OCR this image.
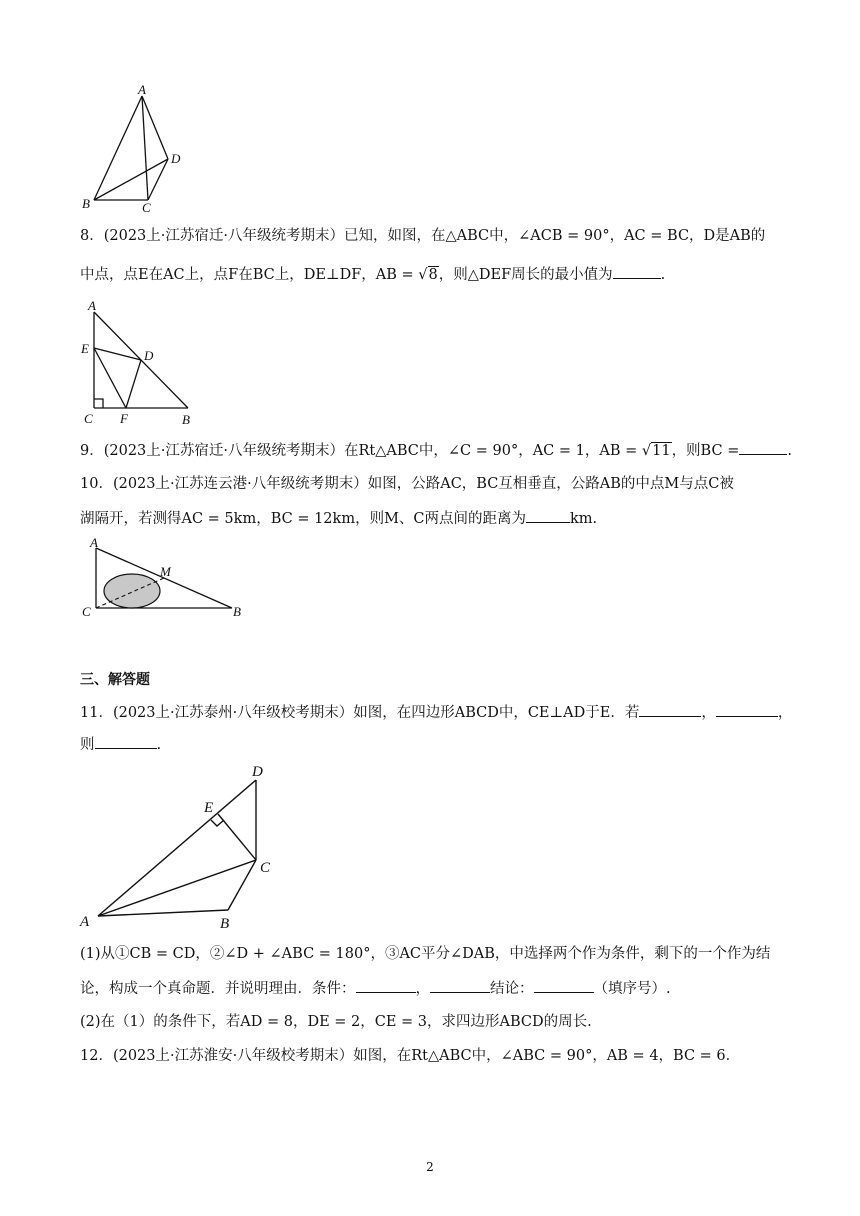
A
B	C
D
8．(2023上·江苏宿迁·八年级统考期末）已知，如图，在△ABC中，∠ACB = 90°，AC = BC，D是AB的
中点，点E在AC上，点F在BC上，DE⊥DF，AB = √8，则△DEF周长的最小值为	.
A
E	D
C F	B
9．(2023上·江苏宿迁·八年级统考期末）在Rt△ABC中，∠C = 90°，AC = 1，AB = √11，则BC =	.
10．(2023上·江苏连云港·八年级统考期末）如图，公路AC，BC互相垂直，公路AB的中点M与点C被
湖隔开，若测得AC = 5km，BC = 12km，则M、C两点间的距离为	km.
A
M
C	B
三、解答题
11．(2023上·江苏泰州·八年级校考期末）如图，在四边形ABCD中，CE⊥AD于E．若	，	，
则	.
D
E
C
A	B
(1)从①CB = CD，②∠D + ∠ABC = 180°，③AC平分∠DAB，中选择两个作为条件，剩下的一个作为结
论，构成一个真命题．并说明理由．条件：	，	结论：	（填序号）.
(2)在（1）的条件下，若AD = 8，DE = 2，CE = 3，求四边形ABCD的周长.
12．(2023上·江苏淮安·八年级校考期末）如图，在Rt△ABC中，∠ABC = 90°，AB = 4，BC = 6．
2
